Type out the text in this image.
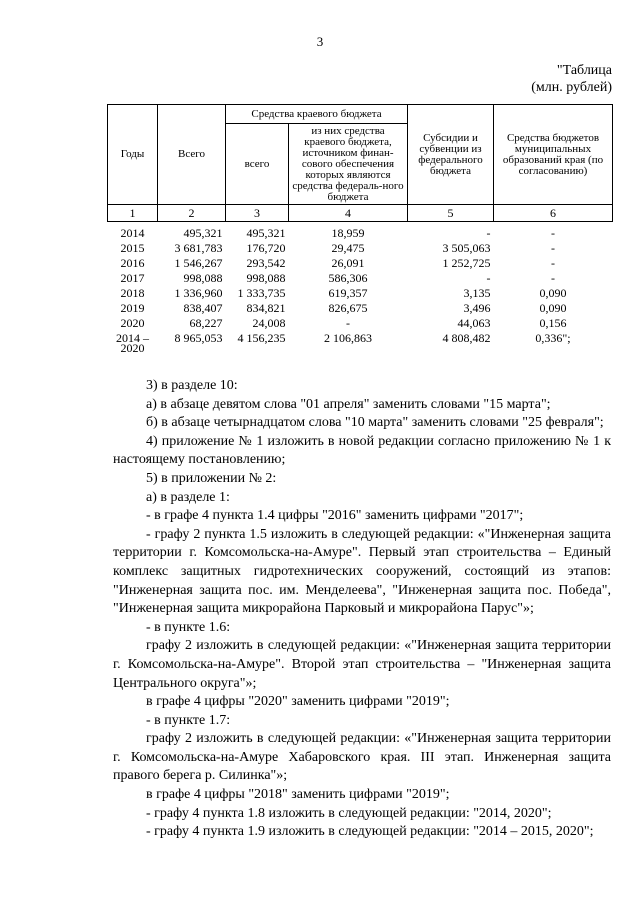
3
"Таблица
(млн. рублей)
Годы	Всего	Средства краевого бюджета		Субсидии и субвенции из федерального бюджета	Средства бюджетов муниципальных образований края (по согласованию)
		всего	из них средства краевого бюджета, источником финан-сового обеспечения которых являются средства федераль-ного бюджета		
1	2	3	4	5	6

2014	495,321	495,321	18,959	-	-
2015	3 681,783	176,720	29,475	3 505,063	-
2016	1 546,267	293,542	26,091	1 252,725	-
2017	998,088	998,088	586,306	-	-
2018	1 336,960	1 333,735	619,357	3,135	0,090
2019	838,407	834,821	826,675	3,496	0,090
2020	68,227	24,008	-	44,063	0,156
2014 –
2020	8 965,053	4 156,235	2 106,863	4 808,482	0,336";

3) в разделе 10:

а) в абзаце девятом слова "01 апреля" заменить словами "15 марта";

б) в абзаце четырнадцатом слова "10 марта" заменить словами "25 февраля";

4) приложение № 1 изложить в новой редакции согласно приложению № 1 к настоящему постановлению;

5) в приложении № 2:

а) в разделе 1:

- в графе 4 пункта 1.4 цифры "2016" заменить цифрами "2017";

- графу 2 пункта 1.5 изложить в следующей редакции: «"Инженерная защита территории г. Комсомольска-на-Амуре". Первый этап строительства – Единый комплекс защитных гидротехнических сооружений, состоящий из этапов: "Инженерная защита пос. им. Менделеева", "Инженерная защита пос. Победа", "Инженерная защита микрорайона Парковый и микрорайона Парус"»;

- в пункте 1.6:

графу 2 изложить в следующей редакции: «"Инженерная защита территории г. Комсомольска-на-Амуре". Второй этап строительства – "Инженерная защита Центрального округа"»;

в графе 4 цифры "2020" заменить цифрами "2019";

- в пункте 1.7:

графу 2 изложить в следующей редакции: «"Инженерная защита территории г. Комсомольска-на-Амуре Хабаровского края. III этап. Инженерная защита правого берега р. Силинка"»;

в графе 4 цифры "2018" заменить цифрами "2019";

- графу 4 пункта 1.8 изложить в следующей редакции: "2014, 2020";

- графу 4 пункта 1.9 изложить в следующей редакции: "2014 – 2015, 2020";
